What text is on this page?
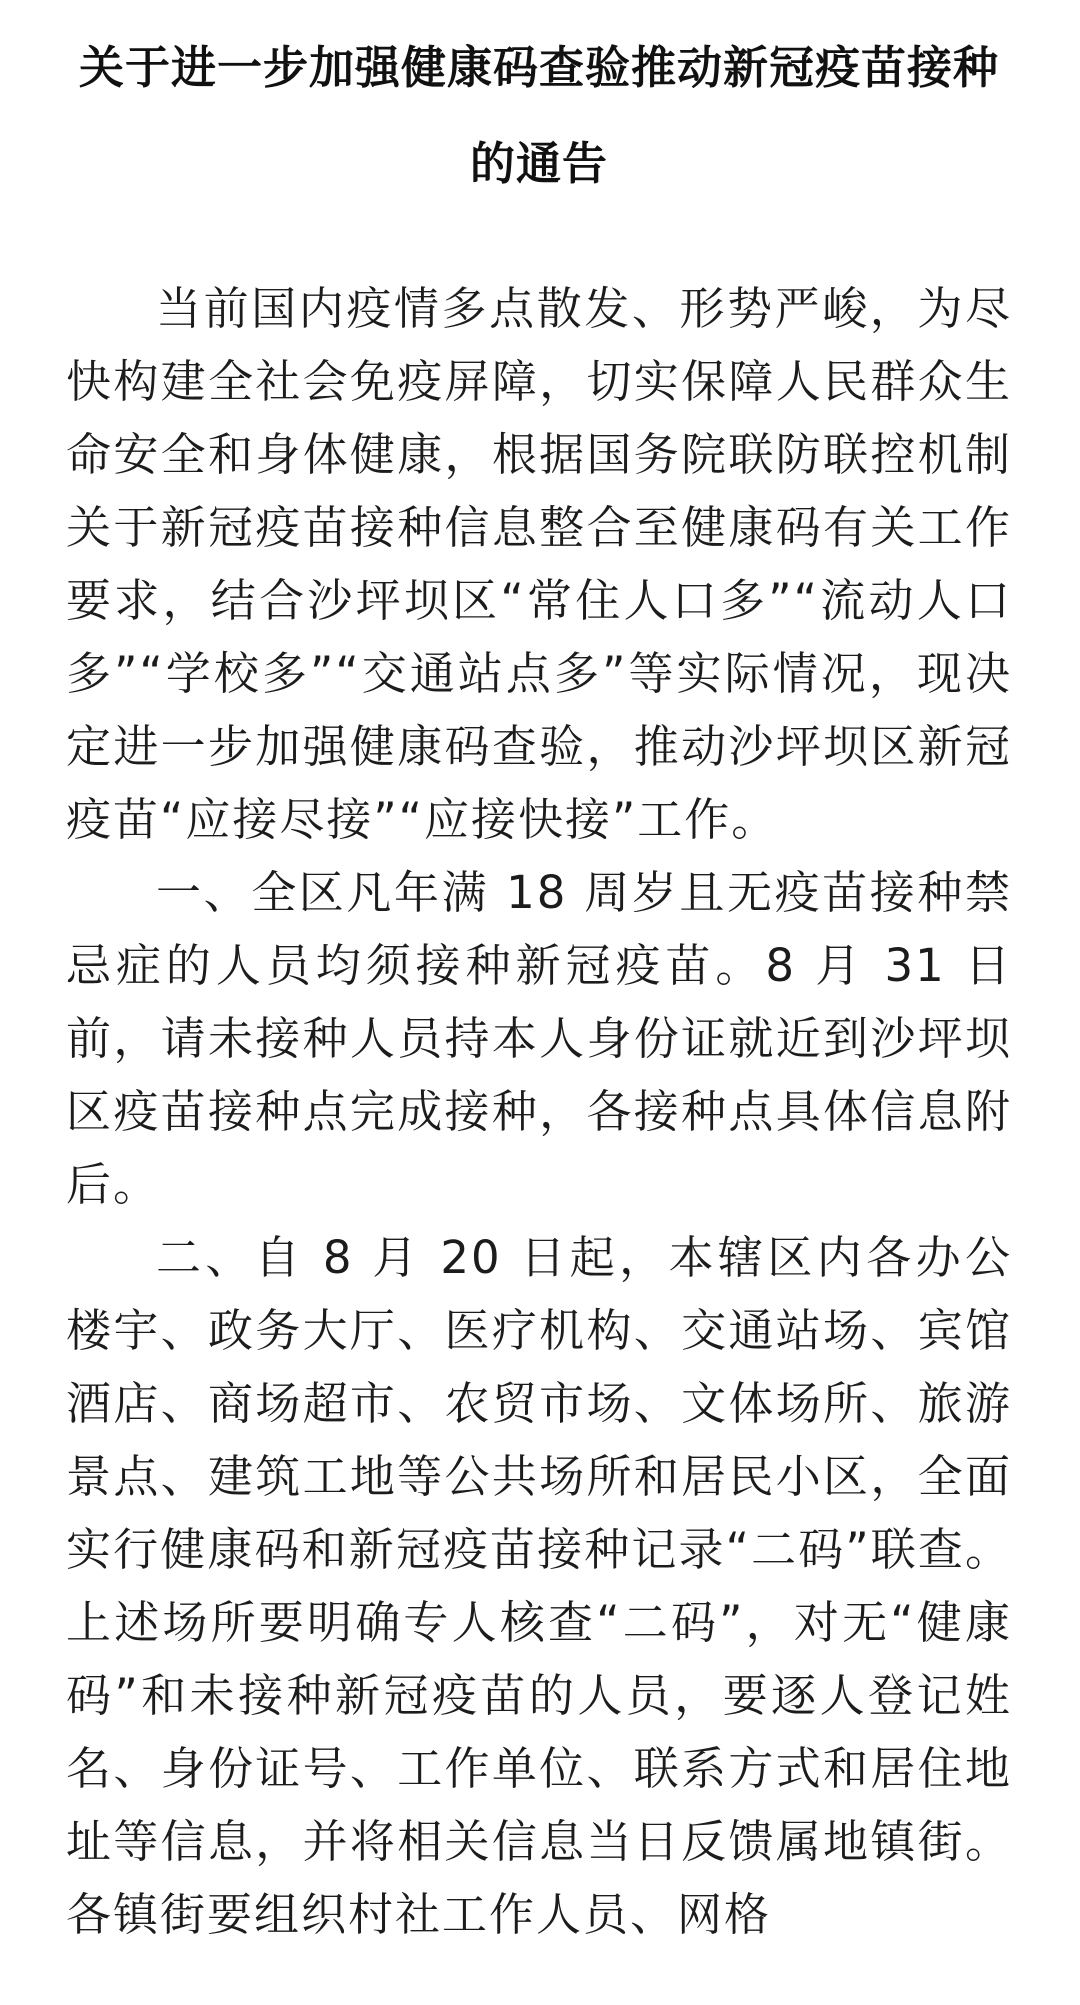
关于进一步加强健康码查验推动新冠疫苗接种的通告

当前国内疫情多点散发、形势严峻，为尽快构建全社会免疫屏障，切实保障人民群众生命安全和身体健康，根据国务院联防联控机制关于新冠疫苗接种信息整合至健康码有关工作要求，结合沙坪坝区“常住人口多”“流动人口多”“学校多”“交通站点多”等实际情况，现决定进一步加强健康码查验，推动沙坪坝区新冠疫苗“应接尽接”“应接快接”工作。

一、全区凡年满 18 周岁且无疫苗接种禁忌症的人员均须接种新冠疫苗。8 月 31 日前，请未接种人员持本人身份证就近到沙坪坝区疫苗接种点完成接种，各接种点具体信息附后。

二、自 8 月 20 日起，本辖区内各办公楼宇、政务大厅、医疗机构、交通站场、宾馆酒店、商场超市、农贸市场、文体场所、旅游景点、建筑工地等公共场所和居民小区，全面实行健康码和新冠疫苗接种记录“二码”联查。上述场所要明确专人核查“二码”，对无“健康码”和未接种新冠疫苗的人员，要逐人登记姓名、身份证号、工作单位、联系方式和居住地址等信息，并将相关信息当日反馈属地镇街。各镇街要组织村社工作人员、网格
